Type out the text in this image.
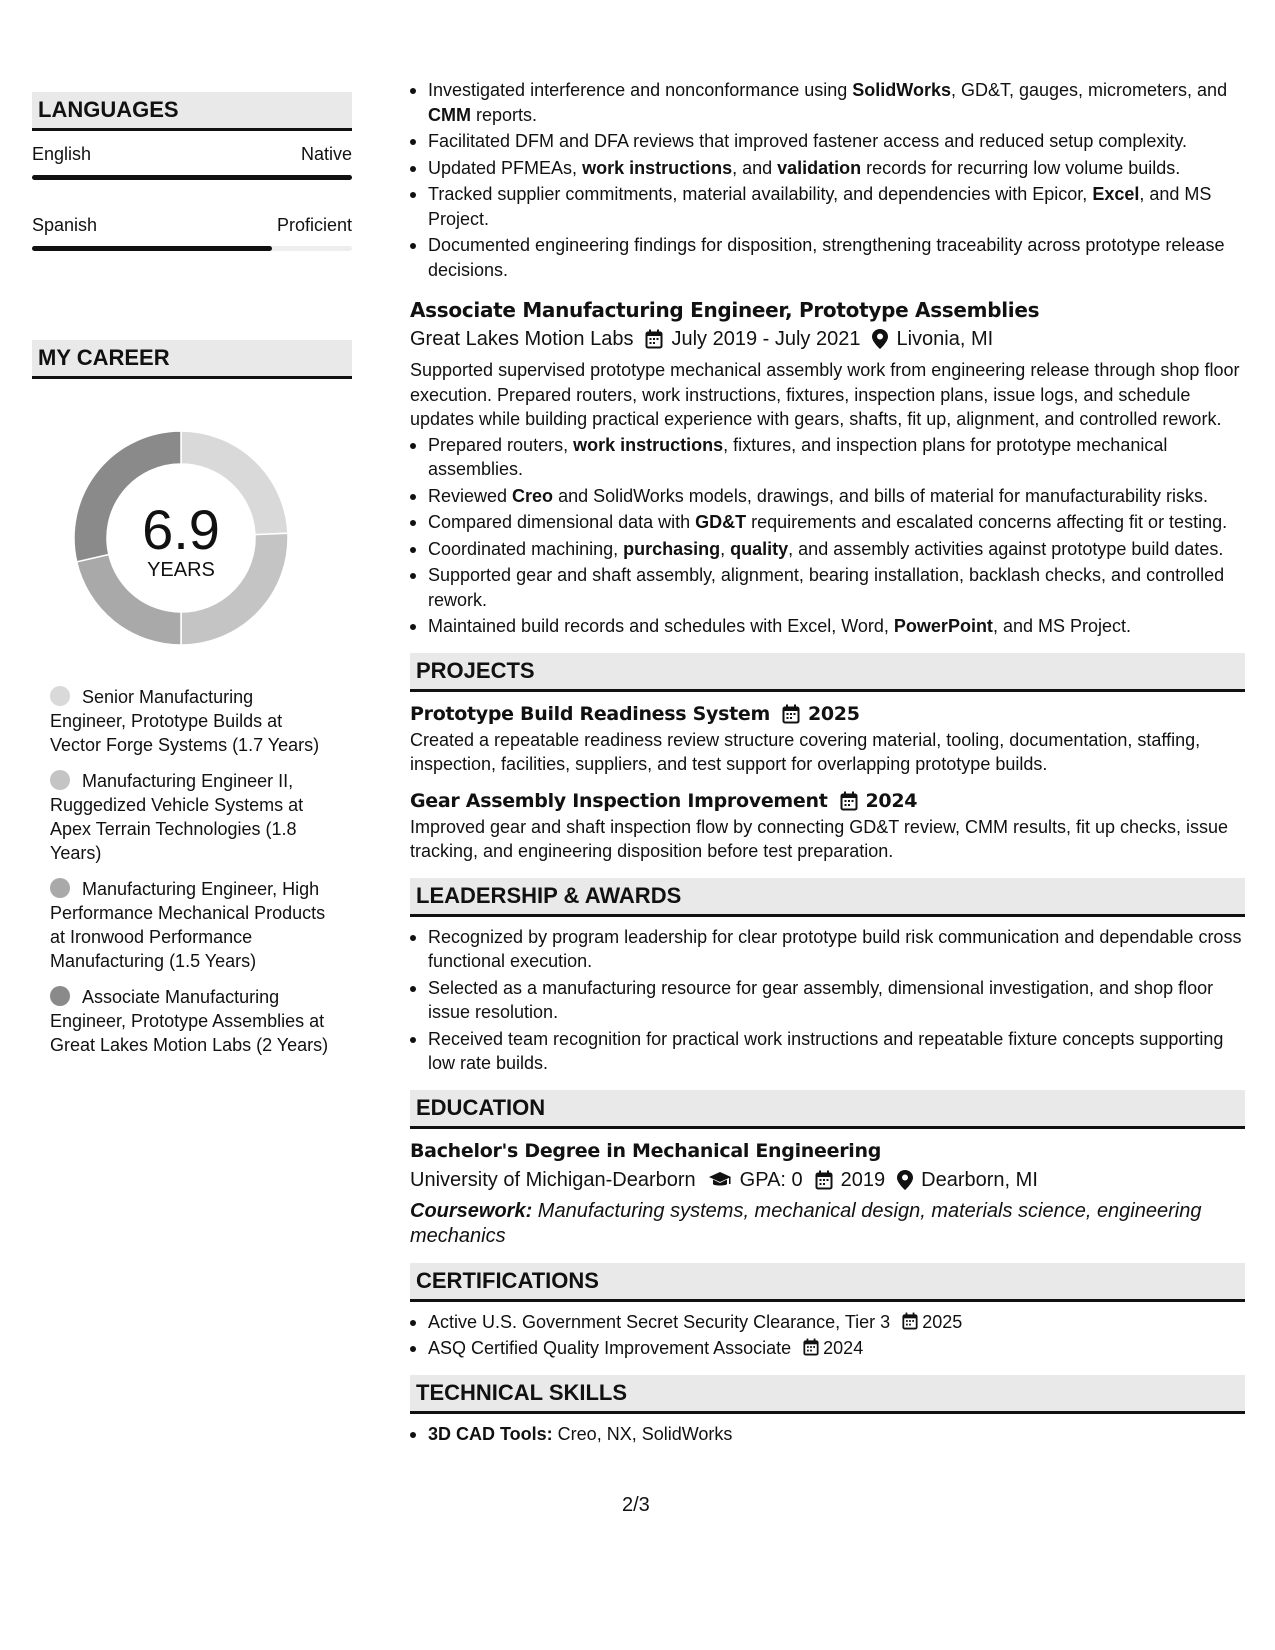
LANGUAGES
English	Native
Spanish	Proficient
MY CAREER
6.9
YEARS
Senior Manufacturing Engineer, Prototype Builds at Vector Forge Systems (1.7 Years)
Manufacturing Engineer II, Ruggedized Vehicle Systems at Apex Terrain Technologies (1.8 Years)
Manufacturing Engineer, High Performance Mechanical Products at Ironwood Performance Manufacturing (1.5 Years)
Associate Manufacturing Engineer, Prototype Assemblies at Great Lakes Motion Labs (2 Years)
Investigated interference and nonconformance using SolidWorks, GD&T, gauges, micrometers, and CMM reports.
Facilitated DFM and DFA reviews that improved fastener access and reduced setup complexity.
Updated PFMEAs, work instructions, and validation records for recurring low volume builds.
Tracked supplier commitments, material availability, and dependencies with Epicor, Excel, and MS Project.
Documented engineering findings for disposition, strengthening traceability across prototype release decisions.
Associate Manufacturing Engineer, Prototype Assemblies
Great Lakes Motion Labs July 2019 - July 2021 Livonia, MI
Supported supervised prototype mechanical assembly work from engineering release through shop floor execution. Prepared routers, work instructions, fixtures, inspection plans, issue logs, and schedule updates while building practical experience with gears, shafts, fit up, alignment, and controlled rework.
Prepared routers, work instructions, fixtures, and inspection plans for prototype mechanical assemblies.
Reviewed Creo and SolidWorks models, drawings, and bills of material for manufacturability risks.
Compared dimensional data with GD&T requirements and escalated concerns affecting fit or testing.
Coordinated machining, purchasing, quality, and assembly activities against prototype build dates.
Supported gear and shaft assembly, alignment, bearing installation, backlash checks, and controlled rework.
Maintained build records and schedules with Excel, Word, PowerPoint, and MS Project.
PROJECTS
Prototype Build Readiness System 2025
Created a repeatable readiness review structure covering material, tooling, documentation, staffing, inspection, facilities, suppliers, and test support for overlapping prototype builds.
Gear Assembly Inspection Improvement 2024
Improved gear and shaft inspection flow by connecting GD&T review, CMM results, fit up checks, issue tracking, and engineering disposition before test preparation.
LEADERSHIP & AWARDS
Recognized by program leadership for clear prototype build risk communication and dependable cross functional execution.
Selected as a manufacturing resource for gear assembly, dimensional investigation, and shop floor issue resolution.
Received team recognition for practical work instructions and repeatable fixture concepts supporting low rate builds.
EDUCATION
Bachelor's Degree in Mechanical Engineering
University of Michigan-Dearborn GPA: 0 2019 Dearborn, MI
Coursework: Manufacturing systems, mechanical design, materials science, engineering mechanics
CERTIFICATIONS
Active U.S. Government Secret Security Clearance, Tier 3 2025
ASQ Certified Quality Improvement Associate 2024
TECHNICAL SKILLS
3D CAD Tools: Creo, NX, SolidWorks
2/3
